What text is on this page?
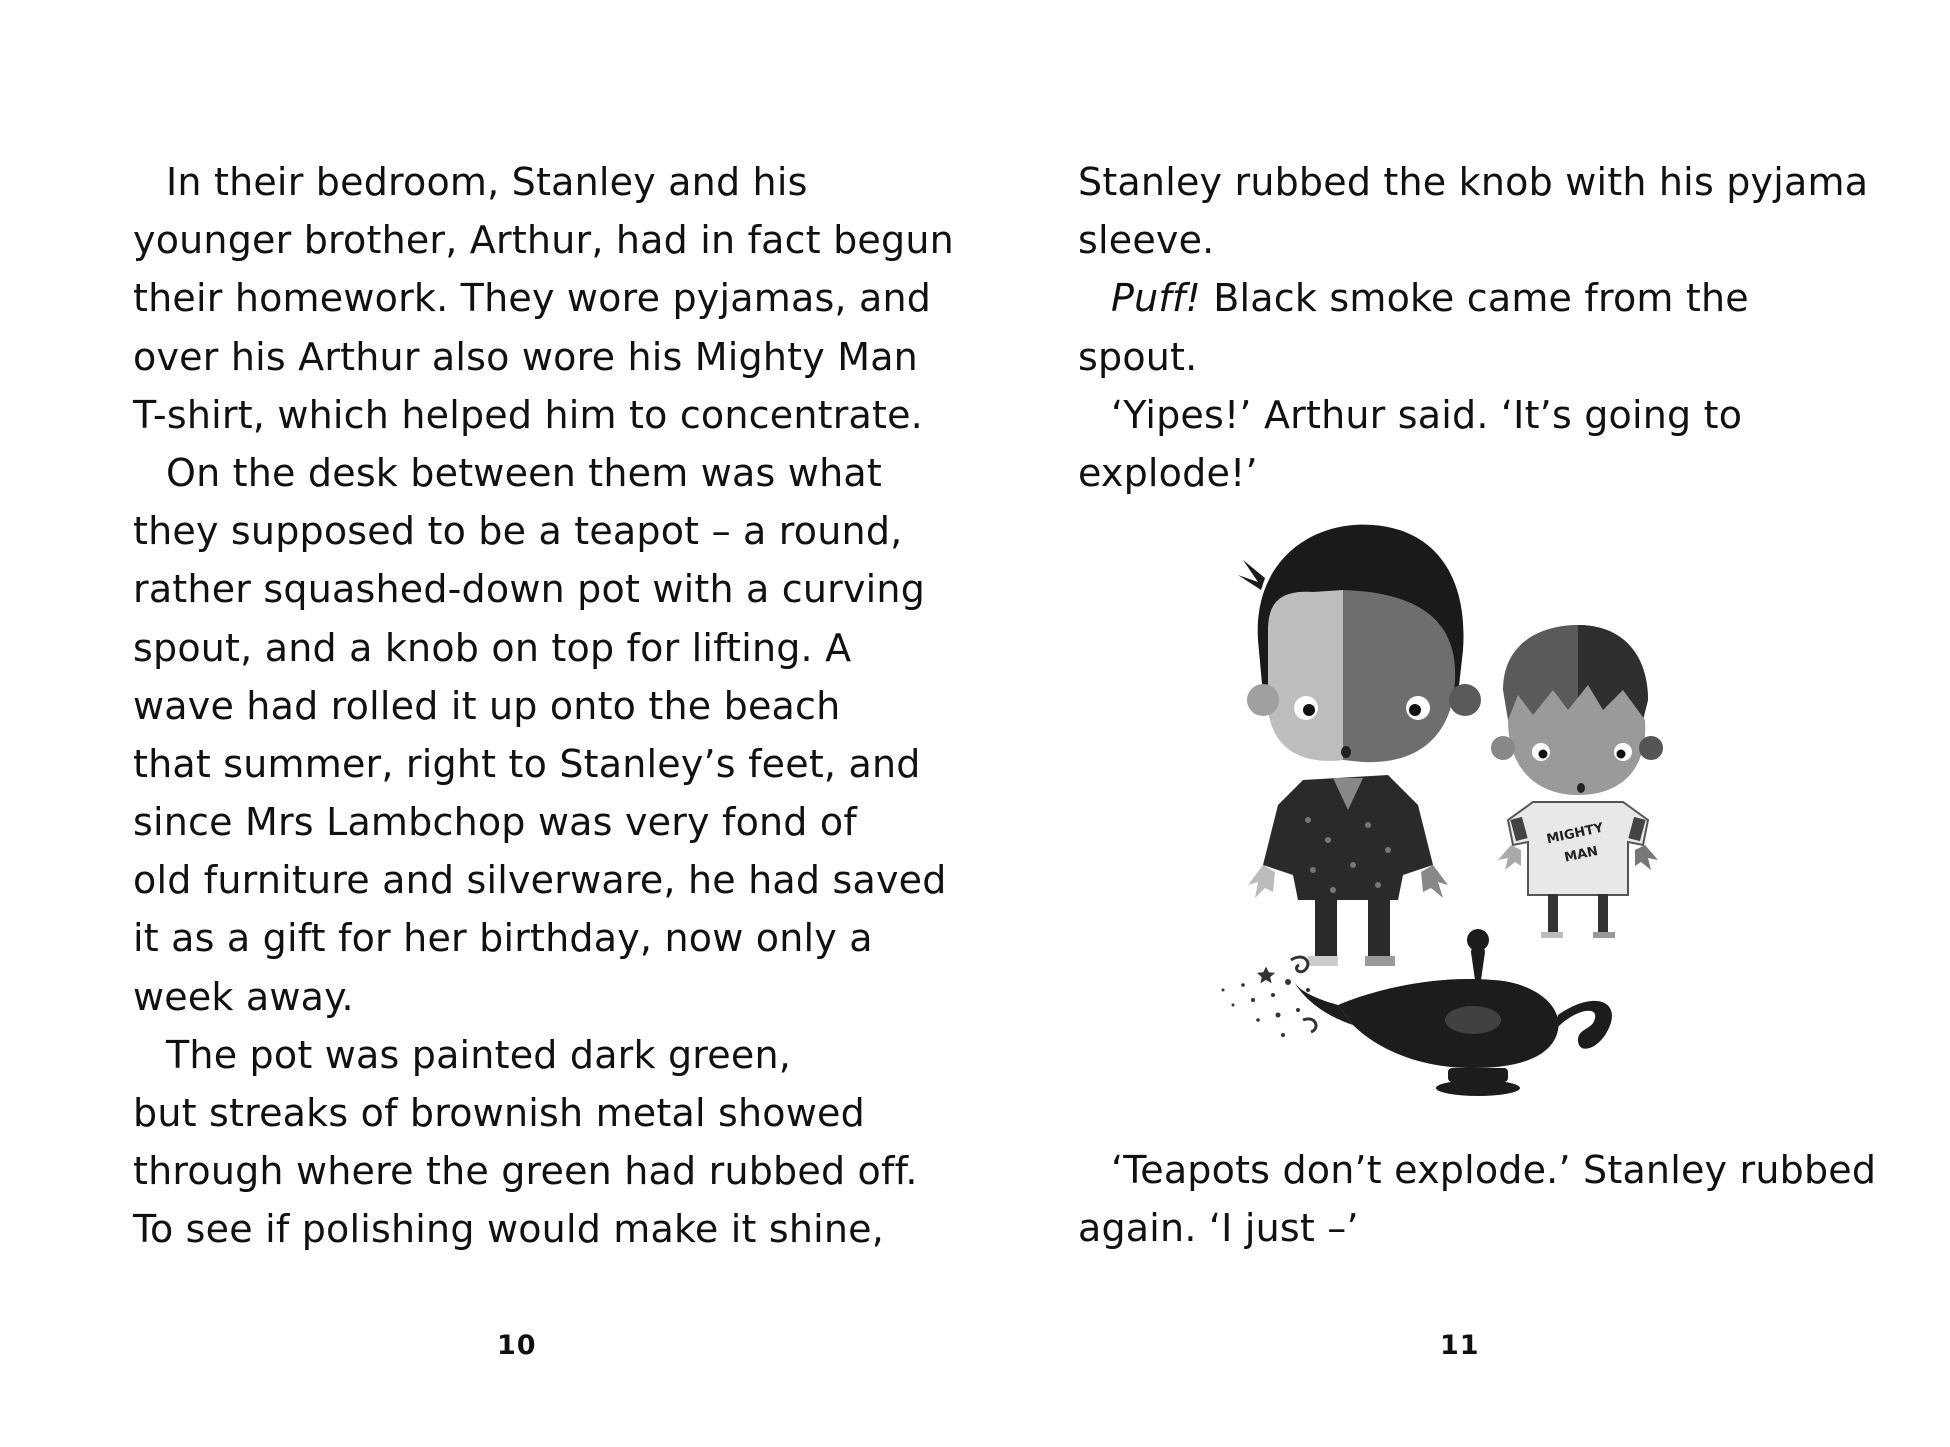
In their bedroom, Stanley and his
younger brother, Arthur, had in fact begun
their homework. They wore pyjamas, and
over his Arthur also wore his Mighty Man
T-shirt, which helped him to concentrate.
On the desk between them was what
they supposed to be a teapot – a round,
rather squashed-down pot with a curving
spout, and a knob on top for lifting. A
wave had rolled it up onto the beach
that summer, right to Stanley’s feet, and
since Mrs Lambchop was very fond of
old furniture and silverware, he had saved
it as a gift for her birthday, now only a
week away.
The pot was painted dark green,
but streaks of brownish metal showed
through where the green had rubbed off.
To see if polishing would make it shine,
10
Stanley rubbed the knob with his pyjama
sleeve.
Puff! Black smoke came from the
spout.
‘Yipes!’ Arthur said. ‘It’s going to
explode!’
MIGHTY
MAN
‘Teapots don’t explode.’ Stanley rubbed
again. ‘I just –’
11
